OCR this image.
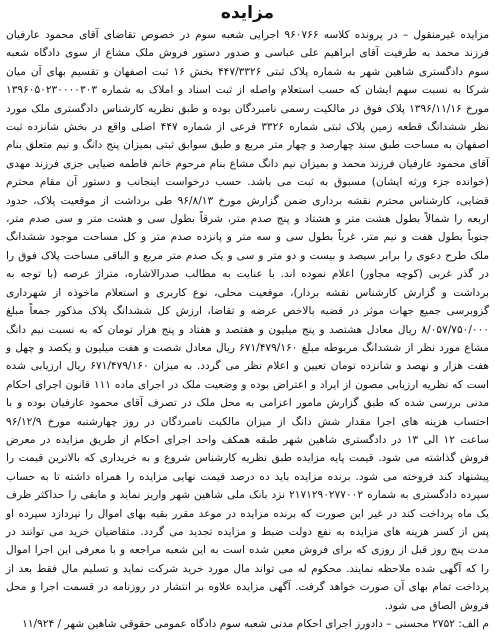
مزایده

مزایده غیرمنقول – در پرونده کلاسه ۹۶۰۷۶۶ اجرایی شعبه سوم در خصوص تقاضای آقای محمود عارفیان فرزند محمد به طرفیت آقای ابراهیم علی عباسی و صدور دستور فروش ملک مشاع از سوی دادگاه شعبه سوم دادگستری شاهین شهر به شماره پلاک ثبتی ۴۴۷/۳۳۲۶ بخش ۱۶ ثبت اصفهان و تقسیم بهای آن میان شرکا به نسبت سهم ایشان که حسب استعلام واصله از ثبت اسناد و املاک به شماره ۱۳۹۶۰۵۰۲۳۰۰۰۰۳۰۳ مورخ ۱۳۹۶/۱۱/۱۶ پلاک فوق در مالکیت رسمی نامبردگان بوده و طبق نظریه کارشناس دادگستری ملک مورد نظر ششدانگ قطعه زمین پلاک ثبتی شماره ۳۳۲۶ فرعی از شماره ۴۴۷ اصلی واقع در بخش شانزده ثبت اصفهان به مساحت طبق سند چهارصد و چهار متر مربع و طبق سوابق ثبتی بمیزان پنج دانگ و نیم متعلق بنام آقای محمود عارفیان فرزند محمد و بمیزان نیم دانگ مشاع بنام مرحوم خانم فاطمه ضیایی جزی فرزند مهدی (خوانده جزء ورثه ایشان) مسبوق به ثبت می باشد. حسب درخواست اینجانب و دستور آن مقام محترم قضایی، کارشناس محترم نقشه برداری ضمن گزارش مورخ ۹۶/۸/۱۳ طی برداشت از موقعیت پلاک، حدود اربعه را شمالاً بطول هشت متر و هشتاد و پنج صدم متر، شرقاً بطول سی و هشت متر و سی صدم متر، جنوباً بطول هفت و نیم متر، غرباً بطول سی و سه متر و پانزده صدم متر و کل مساحت موجود ششدانگ ملک طرح دعوی را برابر سیصد و بیست و دو متر و سی و یک صدم متر مربع و الباقی مساحت پلاک فوق را در گذر غربی (کوچه مجاور) اعلام نموده اند. با عنایت به مطالب صدرالاشاره، متراژ عرصه (با توجه به برداشت و گزارش کارشناس نقشه بردار)، موقعیت محلی، نوع کاربری و استعلام ماخوذه از شهرداری گزوبرسی جمیع جهات موثر در قضیه بالاخص عرضه و تقاضا، ارزش کل ششدانگ پلاک مذکور جمعاً مبلغ ۸/۰۵۷/۷۵۰/۰۰۰ ریال معادل هشتصد و پنج میلیون و هفتصد و هفتاد و پنج هزار تومان که به نسبت نیم دانگ مشاع مورد نظر از ششدانگ مربوطه مبلغ ۶۷۱/۴۷۹/۱۶۰ ریال معادل شصت و هفت میلیون و یکصد و چهل و هفت هزار و نهصد و شانزده تومان تعیین و اعلام نظر می گردد. به میزان ۶۷۱/۴۷۹/۱۶۰ ریال ارزیابی شده است که نظریه ارزیابی مصون از ایراد و اعتراض بوده و وضعیت ملک در اجرای ماده ۱۱۱ قانون اجرای احکام مدنی بررسی شده که طبق گزارش مامور اعزامی به محل ملک در تصرف آقای محمود عارفیان بوده و با احتساب هزینه های اجرا مقدار شش دانگ از میزان مالکیت نامبردگان در روز چهارشنبه مورخ ۹۶/۱۲/۹ ساعت ۱۲ الی ۱۳ در دادگستری شاهین شهر طبقه همکف واحد اجرای احکام از طریق مزایده در معرض فروش گذاشته می شود. قیمت پایه مزایده طبق نظریه کارشناس شروع و به خریداری که بالاترین قیمت را پیشنهاد کند فروخته می شود. برنده مزایده باید ده درصد قیمت نهایی مزایده را همراه داشته تا به حساب سپرده دادگستری به شماره ۲۱۷۱۲۹۰۲۷۷۰۰۲ نزد بانک ملی شاهین شهر واریز نماید و مابقی را حداکثر ظرف یک ماه پرداخت کند در غیر این صورت که برنده مزایده در موعد مقرر بقیه بهای اموال را نپردازد سپرده او پس از کسر هزینه های مزایده به نفع دولت ضبط و مزایده تجدید می گردد. متقاضیان خرید می توانند در مدت پنج روز قبل از روزی که برای فروش معین شده است به این شعبه مراجعه و با معرفی این اجرا اموال را که آگهی شده ملاحظه نمایند. محکوم له می تواند مال مورد خرید شرکت نماید و تسلیم مال فقط بعد از پرداخت تمام بهای آن صورت خواهد گرفت. آگهی مزایده علاوه بر انتشار در روزنامه در قسمت اجرا و محل فروش الصاق می شود.

م الف: ۲۷۵۲ محسنی – دادورز اجرای احکام مدنی شعبه سوم دادگاه عمومی حقوقی شاهین شهر / ۱۱/۹۲۴
